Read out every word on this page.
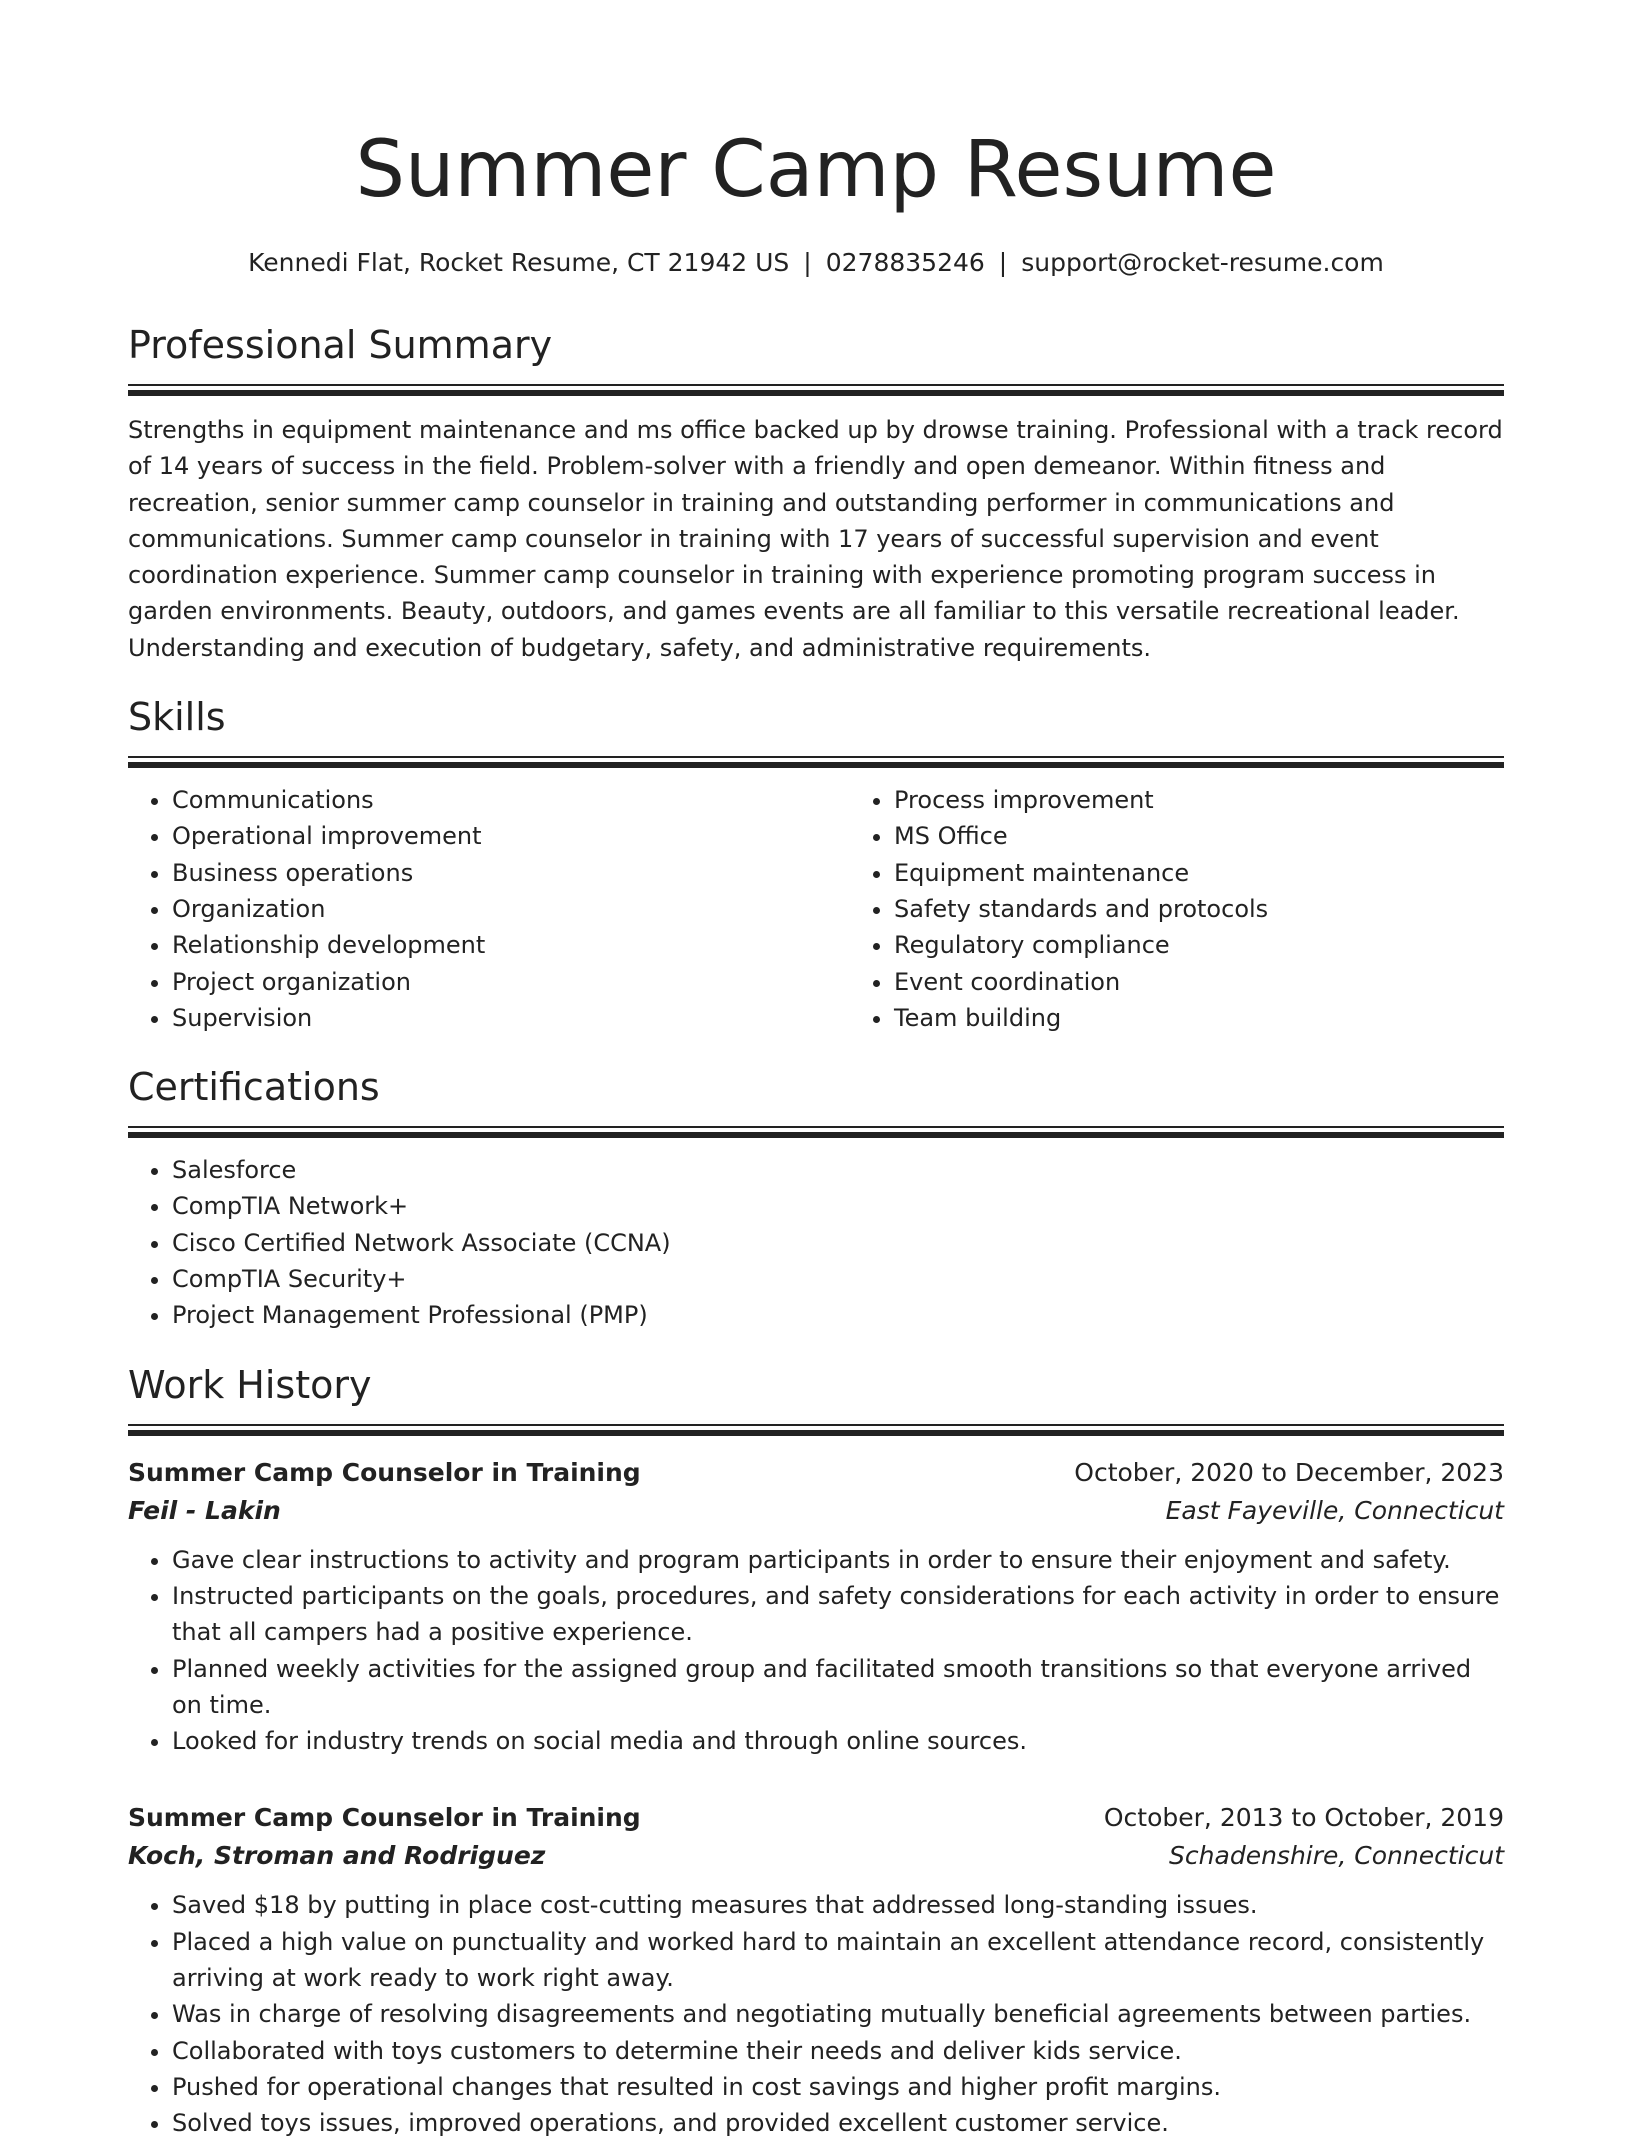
Summer Camp Resume
Kennedi Flat, Rocket Resume, CT 21942 US | 0278835246 | support@rocket-resume.com
Professional Summary

Strengths in equipment maintenance and ms office backed up by drowse training. Professional with a track record of 14 years of success in the field. Problem-solver with a friendly and open demeanor. Within fitness and recreation, senior summer camp counselor in training and outstanding performer in communications and communications. Summer camp counselor in training with 17 years of successful supervision and event coordination experience. Summer camp counselor in training with experience promoting program success in garden environments. Beauty, outdoors, and games events are all familiar to this versatile recreational leader. Understanding and execution of budgetary, safety, and administrative requirements.

Skills
• Communications
• Operational improvement
• Business operations
• Organization
• Relationship development
• Project organization
• Supervision
• Process improvement
• MS Office
• Equipment maintenance
• Safety standards and protocols
• Regulatory compliance
• Event coordination
• Team building
Certifications
• Salesforce
• CompTIA Network+
• Cisco Certified Network Associate (CCNA)
• CompTIA Security+
• Project Management Professional (PMP)
Work History
Summer Camp Counselor in Training	October, 2020 to December, 2023
Feil - Lakin	East Fayeville, Connecticut
• Gave clear instructions to activity and program participants in order to ensure their enjoyment and safety.
• Instructed participants on the goals, procedures, and safety considerations for each activity in order to ensure that all campers had a positive experience.
• Planned weekly activities for the assigned group and facilitated smooth transitions so that everyone arrived on time.
• Looked for industry trends on social media and through online sources.
Summer Camp Counselor in Training	October, 2013 to October, 2019
Koch, Stroman and Rodriguez	Schadenshire, Connecticut
• Saved $18 by putting in place cost-cutting measures that addressed long-standing issues.
• Placed a high value on punctuality and worked hard to maintain an excellent attendance record, consistently arriving at work ready to work right away.
• Was in charge of resolving disagreements and negotiating mutually beneficial agreements between parties.
• Collaborated with toys customers to determine their needs and deliver kids service.
• Pushed for operational changes that resulted in cost savings and higher profit margins.
• Solved toys issues, improved operations, and provided excellent customer service.
